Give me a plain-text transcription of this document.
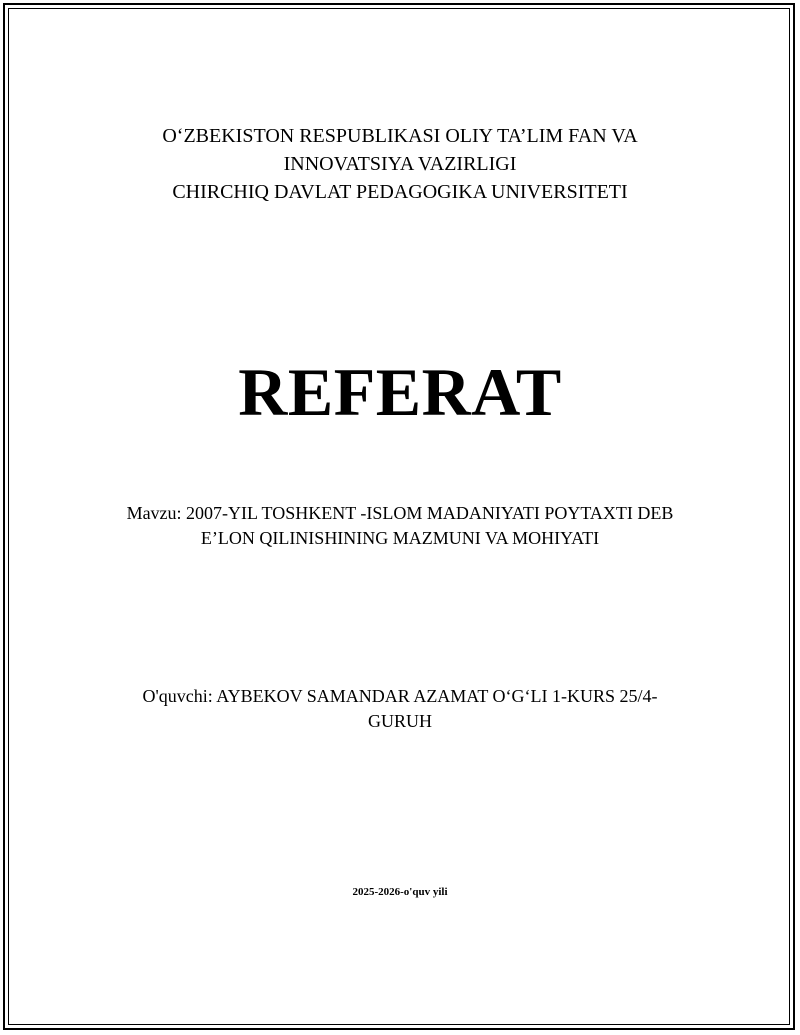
O‘ZBEKISTON RESPUBLIKASI OLIY TA’LIM FAN VA
INNOVATSIYA VAZIRLIGI
CHIRCHIQ DAVLAT PEDAGOGIKA UNIVERSITETI
REFERAT
Mavzu: 2007-YIL TOSHKENT -ISLOM MADANIYATI POYTAXTI DEB
E’LON QILINISHINING MAZMUNI VA MOHIYATI
O'quvchi: AYBEKOV SAMANDAR AZAMAT O‘G‘LI 1-KURS 25/4-
GURUH
2025-2026-o'quv yili
